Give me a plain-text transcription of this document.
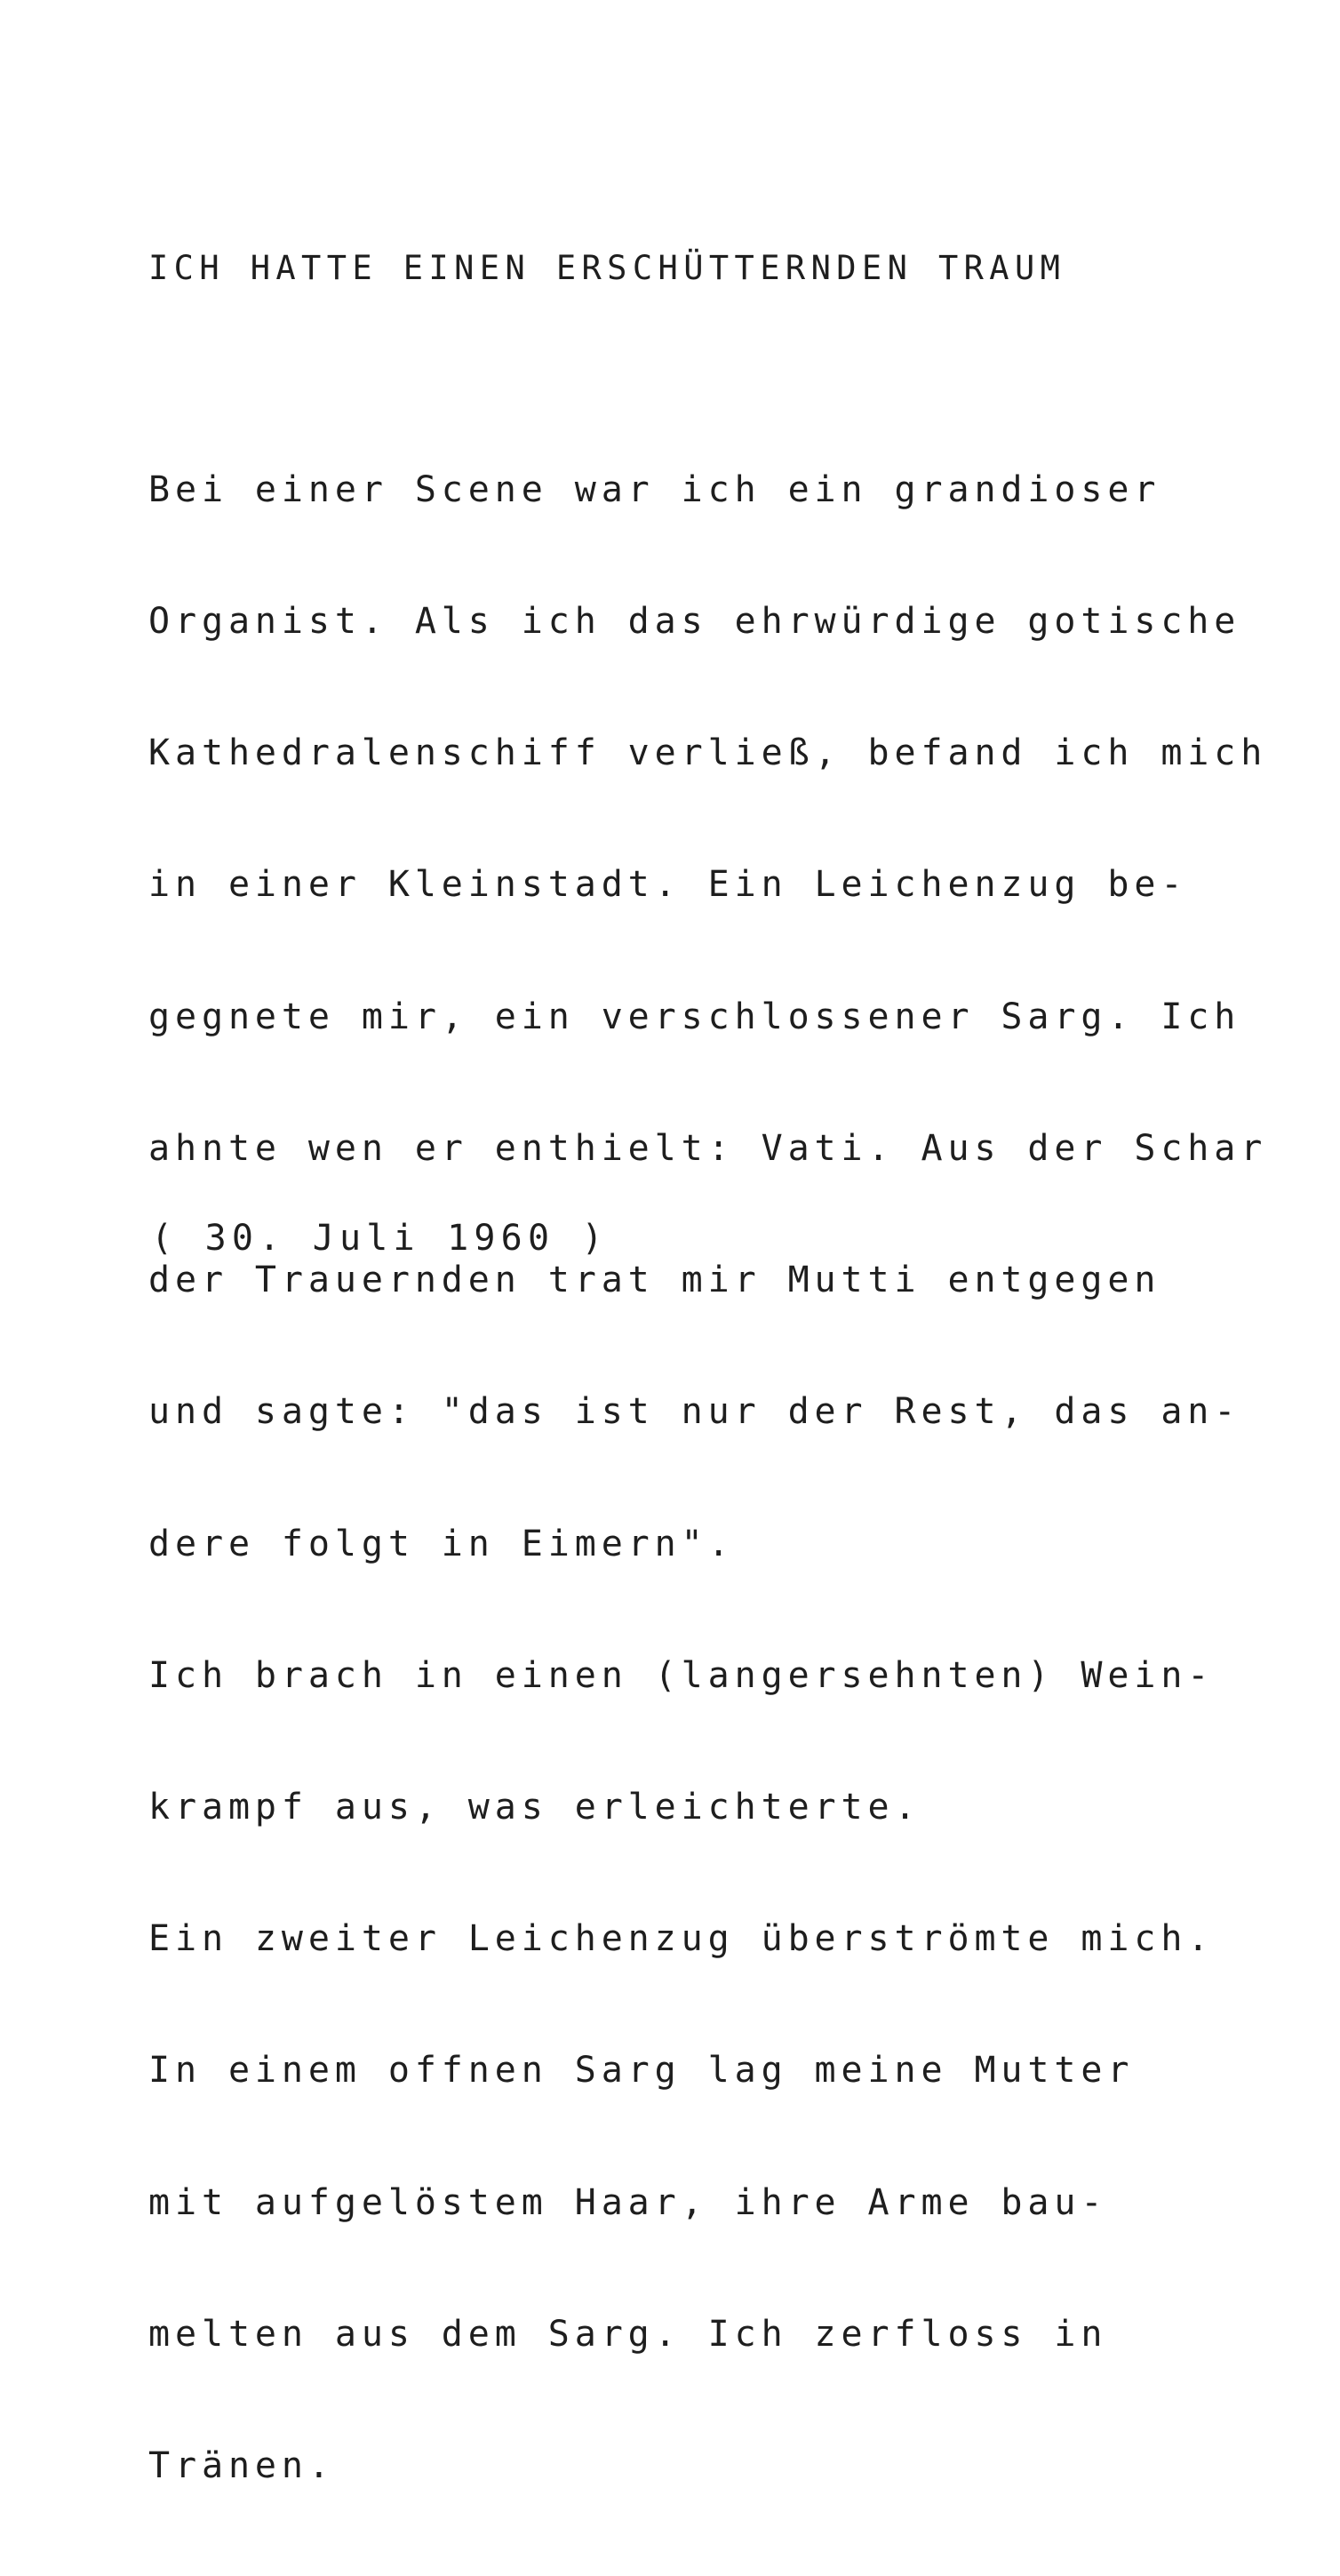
ICH HATTE EINEN ERSCHÜTTERNDEN TRAUM

Bei einer Scene war ich ein grandioser

Organist. Als ich das ehrwürdige gotische

Kathedralenschiff verließ, befand ich mich

in einer Kleinstadt. Ein Leichenzug be-

gegnete mir, ein verschlossener Sarg. Ich

ahnte wen er enthielt: Vati. Aus der Schar

der Trauernden trat mir Mutti entgegen

und sagte: "das ist nur der Rest, das an-

dere folgt in Eimern".

Ich brach in einen (langersehnten) Wein-

krampf aus, was erleichterte.

Ein zweiter Leichenzug überströmte mich.

In einem offnen Sarg lag meine Mutter

mit aufgelöstem Haar, ihre Arme bau-

melten aus dem Sarg. Ich zerfloss in

Tränen.

( 30. Juli 1960 )
